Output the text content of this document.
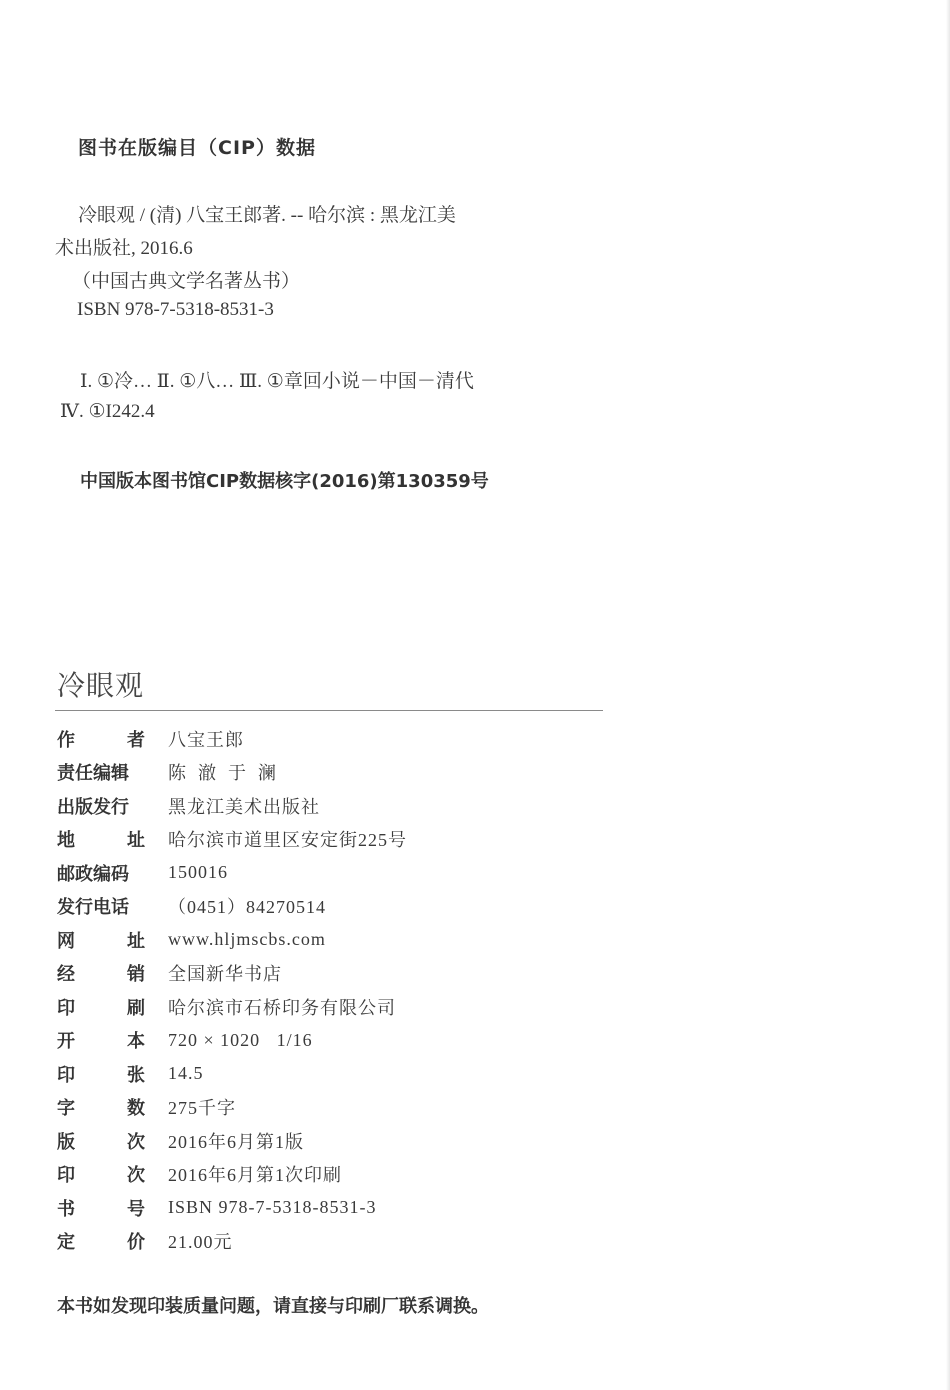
图书在版编目（CIP）数据
冷眼观 / (清) 八宝王郎著. -- 哈尔滨 : 黑龙江美
术出版社, 2016.6
（中国古典文学名著丛书）
ISBN 978-7-5318-8531-3
Ⅰ. ①冷… Ⅱ. ①八… Ⅲ. ①章回小说－中国－清代
Ⅳ. ①I242.4
中国版本图书馆CIP数据核字(2016)第130359号
冷眼观
作	者 八宝王郎
责任编辑 陈  澈  于  澜
出版发行 黑龙江美术出版社
地	址 哈尔滨市道里区安定街225号
邮政编码 150016
发行电话 （0451）84270514
网	址 www.hljmscbs.com
经	销 全国新华书店
印	刷 哈尔滨市石桥印务有限公司
开	本 720 × 1020   1/16
印	张 14.5
字	数 275千字
版	次 2016年6月第1版
印	次 2016年6月第1次印刷
书	号 ISBN 978-7-5318-8531-3
定	价 21.00元
本书如发现印装质量问题，请直接与印刷厂联系调换。
